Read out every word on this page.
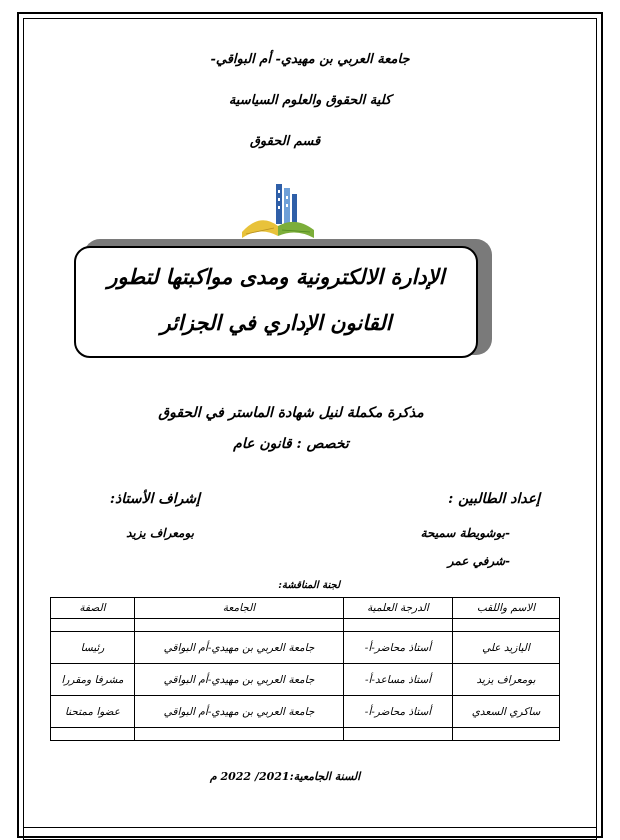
جامعة العربي بن مهيدي- أم البواقي-
كلية الحقوق والعلوم السياسية
قسم الحقوق
الإدارة الالكترونية ومدى مواكبتها لتطور
القانون الإداري في الجزائر
مذكرة مكملة لنيل شهادة الماستر في الحقوق
تخصص : قانون عام
إعداد الطالبين :
إشراف الأستاذ:
-بوشويطة سميحة
بومعراف يزيد
-شرفي عمر
لجنة المناقشة:
الاسم واللقب	الدرجة العلمية	الجامعة	الصفة

اليازيد علي	أستاذ محاضر-أ-	جامعة العربي بن مهيدي-أم البواقي	رئيسا
بومعراف يزيد	أستاذ مساعد-أ-	جامعة العربي بن مهيدي-أم البواقي	مشرفا ومقررا
ساكري السعدي	أستاذ محاضر-أ-	جامعة العربي بن مهيدي-أم البواقي	عضوا ممتحنا

السنة الجامعية:2021/ 2022 م
